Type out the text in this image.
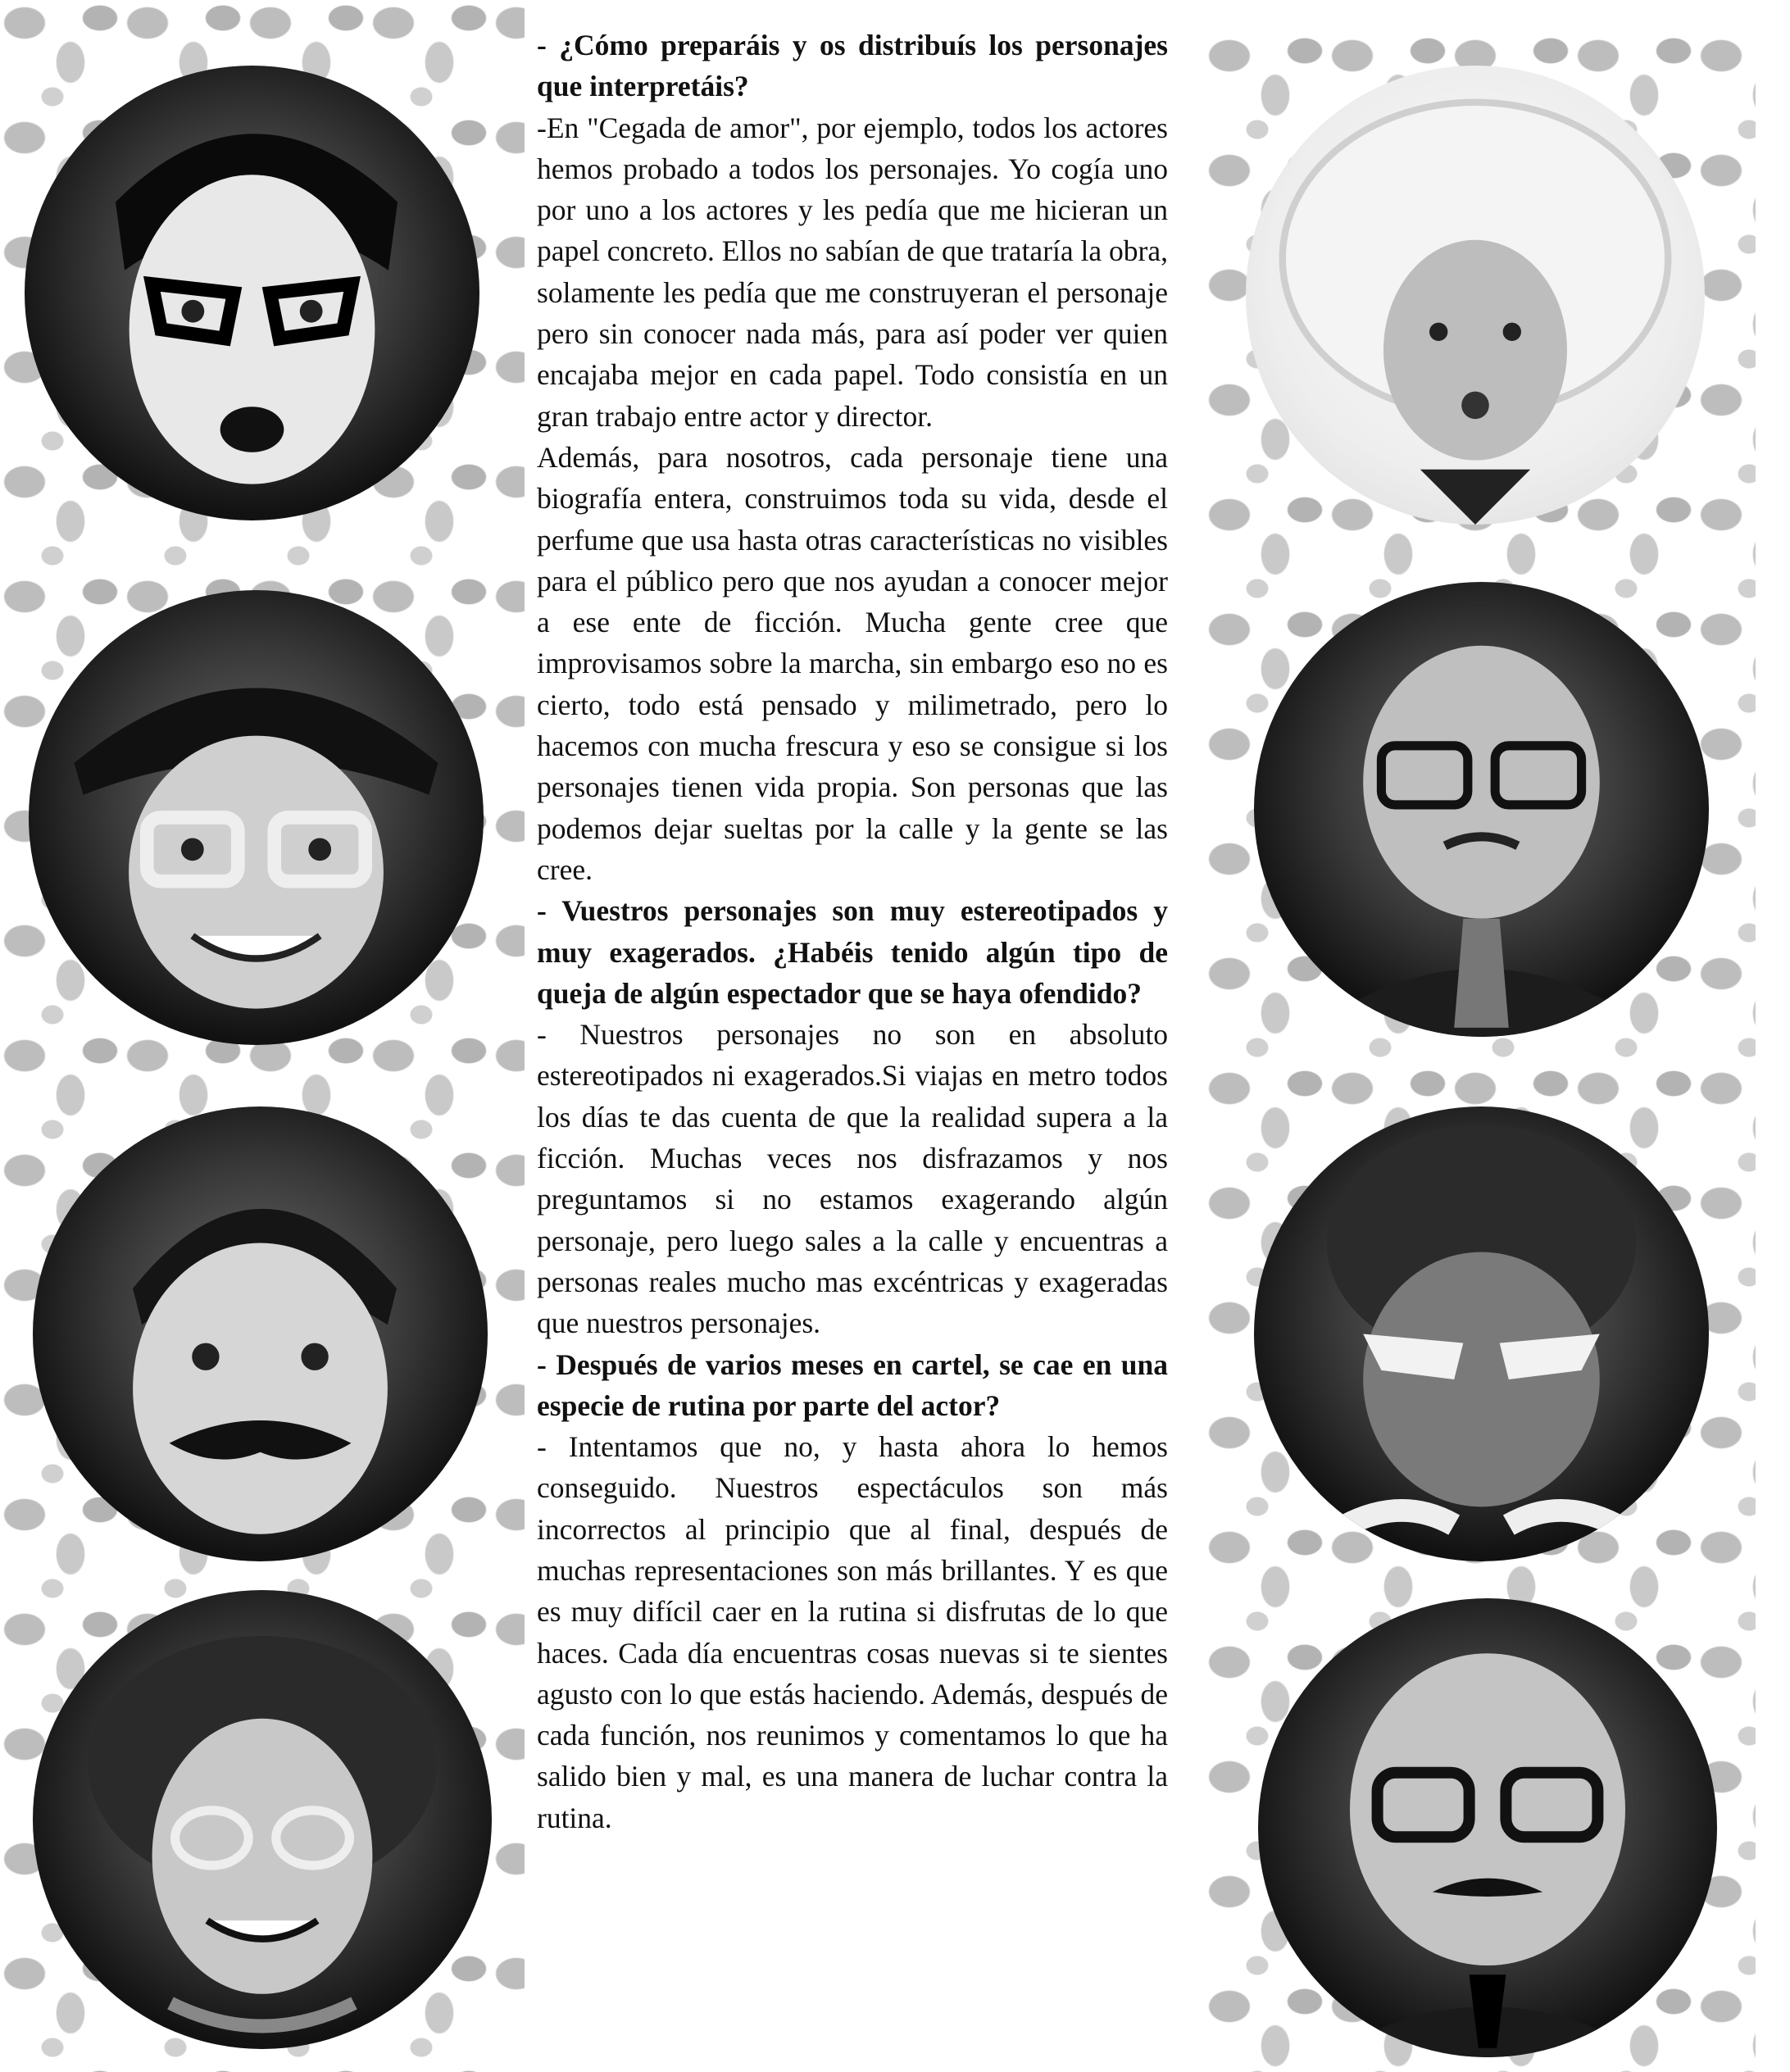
- ¿Cómo preparáis y os distribuís los personajes que interpretáis?

-En "Cegada de amor", por ejemplo, todos los actores hemos probado a todos los personajes. Yo cogía uno por uno a los actores y les pedía que me hicieran un papel concreto. Ellos no sabían de que trataría la obra, solamente les pedía que me construyeran el personaje pero sin conocer nada más, para así poder ver quien encajaba mejor en cada papel. Todo consistía en un gran trabajo entre actor y director.

Además, para nosotros, cada personaje tiene una biografía entera, construimos toda su vida, desde el perfume que usa hasta otras características no visibles para el público pero que nos ayudan a conocer mejor a ese ente de ficción. Mucha gente cree que improvisamos sobre la marcha, sin embargo eso no es cierto, todo está pensado y milimetrado, pero lo hacemos con mucha frescura y eso se consigue si los personajes tienen vida propia. Son personas que las podemos dejar sueltas por la calle y la gente se las cree.

- Vuestros personajes son muy estereotipados y muy exagerados. ¿Habéis tenido algún tipo de queja de algún espectador que se haya ofendido?

- Nuestros personajes no son en absoluto estereotipados ni exagerados.Si viajas en metro todos los días te das cuenta de que la realidad supera a la ficción. Muchas veces nos disfrazamos y nos preguntamos si no estamos exagerando algún personaje, pero luego sales a la calle y encuentras a personas reales mucho mas excéntricas y exageradas que nuestros personajes.

- Después de varios meses en cartel, se cae en una especie de rutina por parte del actor?

- Intentamos que no, y hasta ahora lo hemos conseguido. Nuestros espectáculos son más incorrectos al principio que al final, después de muchas representaciones son más brillantes. Y es que es muy difícil caer en la rutina si disfrutas de lo que haces. Cada día encuentras cosas nuevas si te sientes agusto con lo que estás haciendo. Además, después de cada función, nos reunimos y comentamos lo que ha salido bien y mal, es una manera de luchar contra la rutina.
